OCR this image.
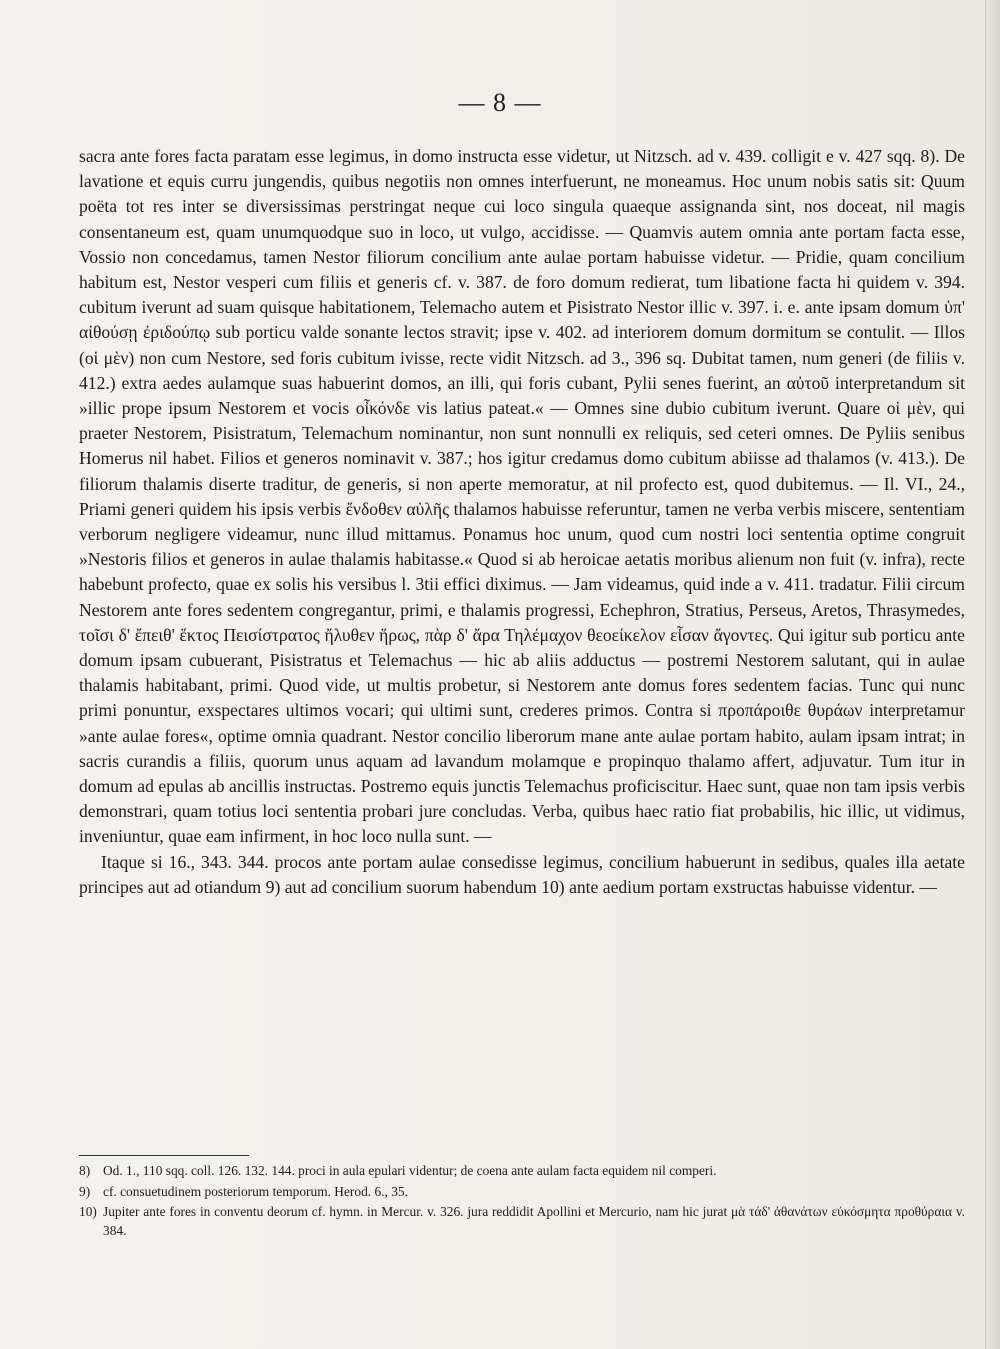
— 8 —

sacra ante fores facta paratam esse legimus, in domo instructa esse videtur, ut Nitzsch. ad v. 439. colligit e v. 427 sqq. 8). De lavatione et equis curru jungendis, quibus negotiis non omnes interfuerunt, ne moneamus. Hoc unum nobis satis sit: Quum poëta tot res inter se diversissimas perstringat neque cui loco singula quaeque assignanda sint, nos doceat, nil magis consentaneum est, quam unumquodque suo in loco, ut vulgo, accidisse. — Quamvis autem omnia ante portam facta esse, Vossio non concedamus, tamen Nestor filiorum concilium ante aulae portam habuisse videtur. — Pridie, quam concilium habitum est, Nestor vesperi cum filiis et generis cf. v. 387. de foro domum redierat, tum libatione facta hi quidem v. 394. cubitum iverunt ad suam quisque habitationem, Telemacho autem et Pisistrato Nestor illic v. 397. i. e. ante ipsam domum ὑπ' αἰθούσῃ ἐριδούπῳ sub porticu valde sonante lectos stravit; ipse v. 402. ad interiorem domum dormitum se contulit. — Illos (οἱ μὲν) non cum Nestore, sed foris cubitum ivisse, recte vidit Nitzsch. ad 3., 396 sq. Dubitat tamen, num generi (de filiis v. 412.) extra aedes aulamque suas habuerint domos, an illi, qui foris cubant, Pylii senes fuerint, an αὐτοῦ interpretandum sit »illic prope ipsum Nestorem et vocis οἶκόνδε vis latius pateat.« — Omnes sine dubio cubitum iverunt. Quare οἱ μὲν, qui praeter Nestorem, Pisistratum, Telemachum nominantur, non sunt nonnulli ex reliquis, sed ceteri omnes. De Pyliis senibus Homerus nil habet. Filios et generos nominavit v. 387.; hos igitur credamus domo cubitum abiisse ad thalamos (v. 413.). De filiorum thalamis diserte traditur, de generis, si non aperte memoratur, at nil profecto est, quod dubitemus. — Il. VI., 24., Priami generi quidem his ipsis verbis ἔνδοθεν αὐλῆς thalamos habuisse referuntur, tamen ne verba verbis miscere, sententiam verborum negligere videamur, nunc illud mittamus. Ponamus hoc unum, quod cum nostri loci sententia optime congruit »Nestoris filios et generos in aulae thalamis habitasse.« Quod si ab heroicae aetatis moribus alienum non fuit (v. infra), recte habebunt profecto, quae ex solis his versibus l. 3tii effici diximus. — Jam videamus, quid inde a v. 411. tradatur. Filii circum Nestorem ante fores sedentem congregantur, primi, e thalamis progressi, Echephron, Stratius, Perseus, Aretos, Thrasymedes, τοῖσι δ' ἔπειθ' ἕκτος Πεισίστρατος ἤλυθεν ἥρως, πὰρ δ' ἄρα Τηλέμαχον θεοείκελον εἷσαν ἄγοντες. Qui igitur sub porticu ante domum ipsam cubuerant, Pisistratus et Telemachus — hic ab aliis adductus — postremi Nestorem salutant, qui in aulae thalamis habitabant, primi. Quod vide, ut multis probetur, si Nestorem ante domus fores sedentem facias. Tunc qui nunc primi ponuntur, exspectares ultimos vocari; qui ultimi sunt, crederes primos. Contra si προπάροιθε θυράων interpretamur »ante aulae fores«, optime omnia quadrant. Nestor concilio liberorum mane ante aulae portam habito, aulam ipsam intrat; in sacris curandis a filiis, quorum unus aquam ad lavandum molamque e propinquo thalamo affert, adjuvatur. Tum itur in domum ad epulas ab ancillis instructas. Postremo equis junctis Telemachus proficiscitur. Haec sunt, quae non tam ipsis verbis demonstrari, quam totius loci sententia probari jure concludas. Verba, quibus haec ratio fiat probabilis, hic illic, ut vidimus, inveniuntur, quae eam infirment, in hoc loco nulla sunt. —

Itaque si 16., 343. 344. procos ante portam aulae consedisse legimus, concilium habuerunt in sedibus, quales illa aetate principes aut ad otiandum 9) aut ad concilium suorum habendum 10) ante aedium portam exstructas habuisse videntur. —

8) Od. 1., 110 sqq. coll. 126. 132. 144. proci in aula epulari videntur; de coena ante aulam facta equidem nil comperi.
9) cf. consuetudinem posteriorum temporum. Herod. 6., 35.
10) Jupiter ante fores in conventu deorum cf. hymn. in Mercur. v. 326. jura reddidit Apollini et Mercurio, nam hic jurat μὰ τάδ' ἀθανάτων εὐκόσμητα προθύραια v. 384.
